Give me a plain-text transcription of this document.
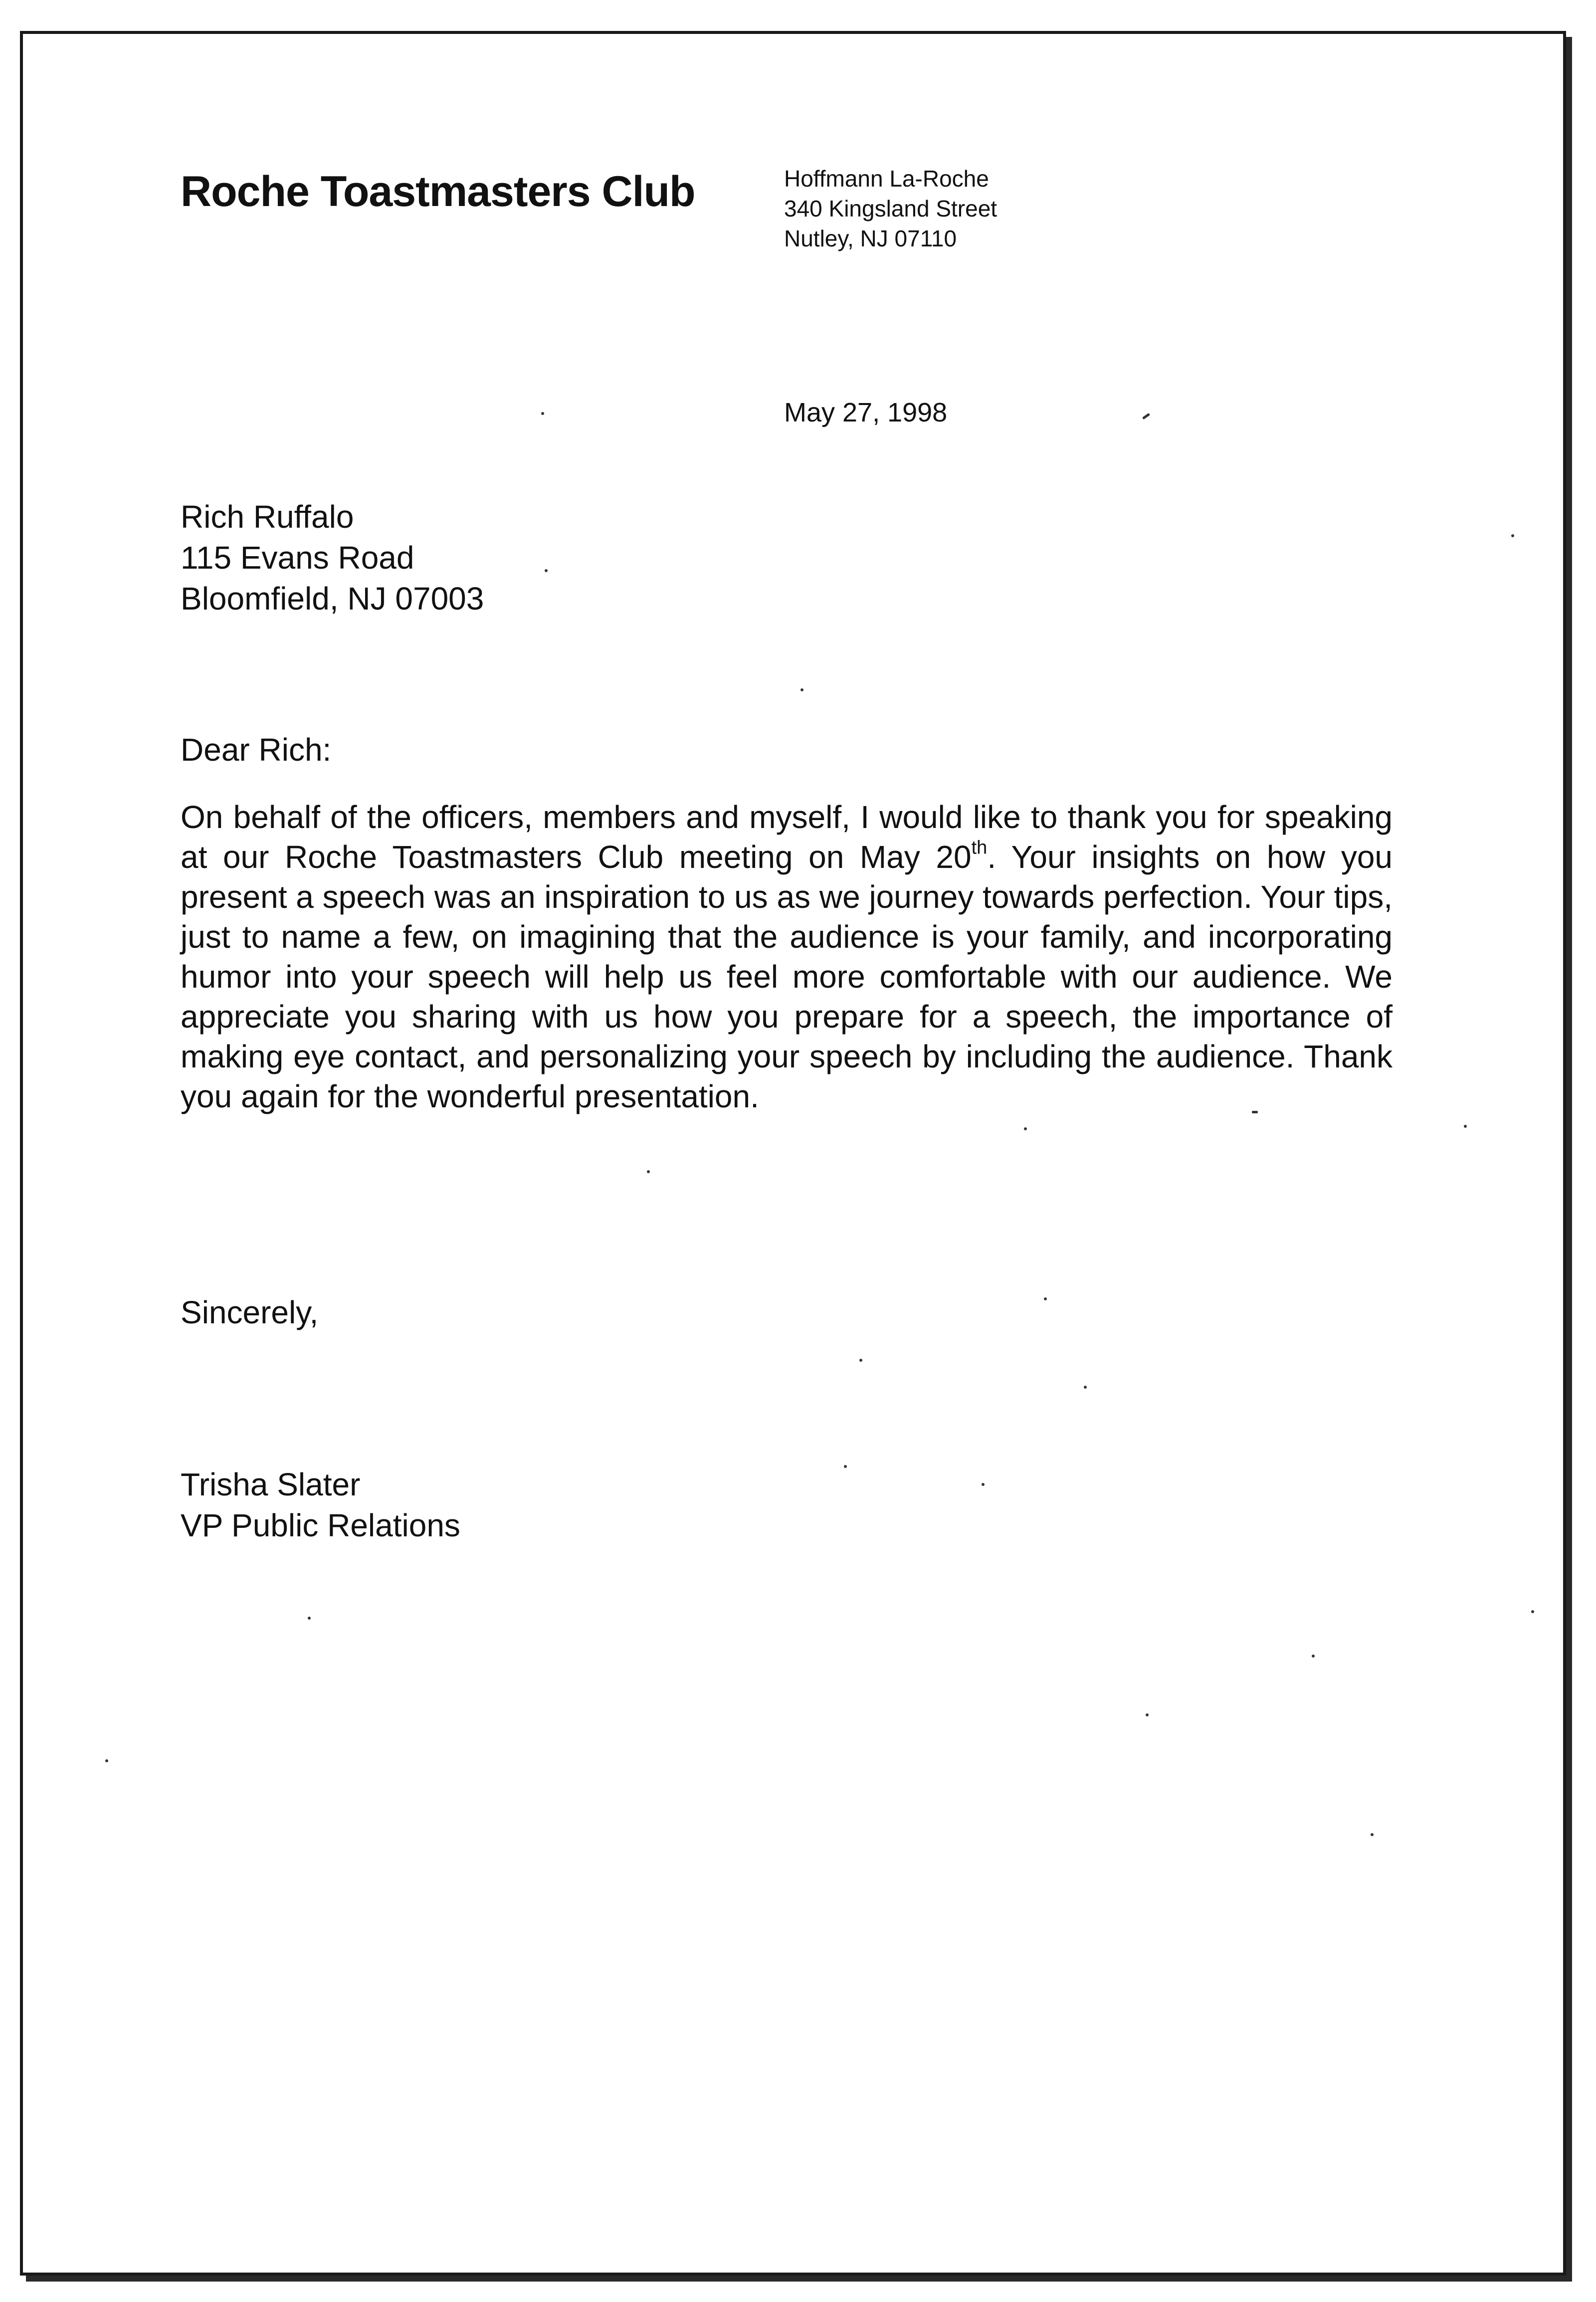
Roche Toastmasters Club	Hoffmann La-Roche
340 Kingsland Street
Nutley, NJ 07110
May 27, 1998
Rich Ruffalo
115 Evans Road
Bloomfield, NJ 07003
Dear Rich:
On behalf of the officers, members and myself, I would like to thank you for speaking at our Roche Toastmasters Club meeting on May 20th. Your insights on how you present a speech was an inspiration to us as we journey towards perfection. Your tips, just to name a few, on imagining that the audience is your family, and incorporating humor into your speech will help us feel more comfortable with our audience. We appreciate you sharing with us how you prepare for a speech, the importance of making eye contact, and personalizing your speech by including the audience. Thank you again for the wonderful presentation.
Sincerely,
Trisha Slater
VP Public Relations
